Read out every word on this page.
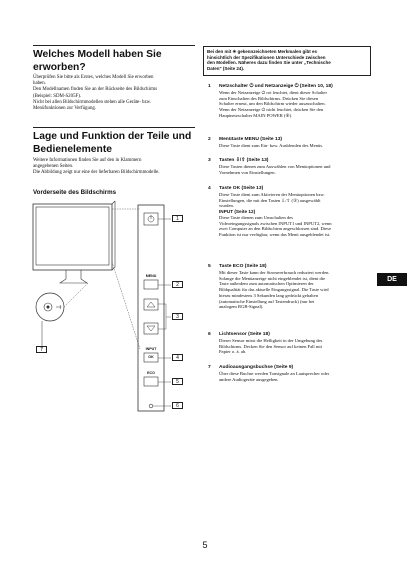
Welches Modell haben Sie
erworben?
Überprüfen Sie bitte als Erstes, welches Modell Sie erworben
haben.
Den Modellnamen finden Sie an der Rückseite des Bildschirms
(Beispiel: SDM-S205F).
Nicht bei allen Bildschirmmodellen stehen alle Geräte- bzw.
Menüfunktionen zur Verfügung.
Lage und Funktion der Teile und
Bedienelemente
Weitere Informationen finden Sie auf den in Klammern
angegebenen Seiten.
Die Abbildung zeigt nur eine der lieferbaren Bildschirmmodelle.
Vorderseite des Bildschirms
MENU
OK
INPUT
ECO
1
2
3
4
5
6
7
Bei den mit ✳ gekennzeichneten Merkmalen gibt es
hinsichtlich der Spezifikationen Unterschiede zwischen
den Modellen. Näheres dazu finden Sie unter „Technische
Daten" (Seite 24).
1 Netzschalter ⏻ und Netzanzeige ⏻ (Seiten 10, 18)
Wenn der Netzanzeige ⏻ rot leuchtet, dient dieser Schalter
zum Einschalten des Bildschirms. Drücken Sie diesen
Schalter erneut, um den Bildschirm wieder auszuschalten.
Wenn der Netzanzeige ⏻ nicht leuchtet, drücken Sie den
Hauptnetzschalter MAIN POWER (⑧).
2 Menütaste MENU (Seite 13)
Diese Taste dient zum Ein- bzw. Ausblenden des Menüs.
3 Tasten ⇩/⇧ (Seite 13)
Diese Tasten dienen zum Auswählen von Menüoptionen und
Vornehmen von Einstellungen.
4 Taste OK (Seite 13)
Diese Taste dient zum Aktivieren der Menüoptionen bzw.
Einstellungen, die mit den Tasten ⇩/⇧ (③) ausgewählt
wurden.
INPUT (Seite 12)
Diese Taste dienen zum Umschalten des
Videoeingangssignals zwischen INPUT1 und INPUT2, wenn
zwei Computer an den Bildschirm angeschlossen sind. Diese
Funktion ist nur verfügbar, wenn das Menü ausgeblendet ist.
5 Taste ECO (Seite 18)
Mit dieser Taste kann der Stromverbrauch reduziert werden.
Solange die Menüanzeige nicht eingeblendet ist, dient die
Taste außerdem zum automatischen Optimieren der
Bildqualität für das aktuelle Eingangssignal. Die Taste wird
hierzu mindestens 3 Sekunden lang gedrückt gehalten
(automatische Einstellung auf Tastendruck) (nur bei
analogem RGB-Signal).
6 Lichtsensor (Seite 18)
Dieser Sensor misst die Helligkeit in der Umgebung des
Bildschirms. Decken Sie den Sensor auf keinen Fall mit
Papier o. ä. ab.
7 Audioausgangsbuchse (Seite 9)
Über diese Buchse werden Tonsignale an Lautsprecher oder
andere Audiogeräte ausgegeben.
DE
5
